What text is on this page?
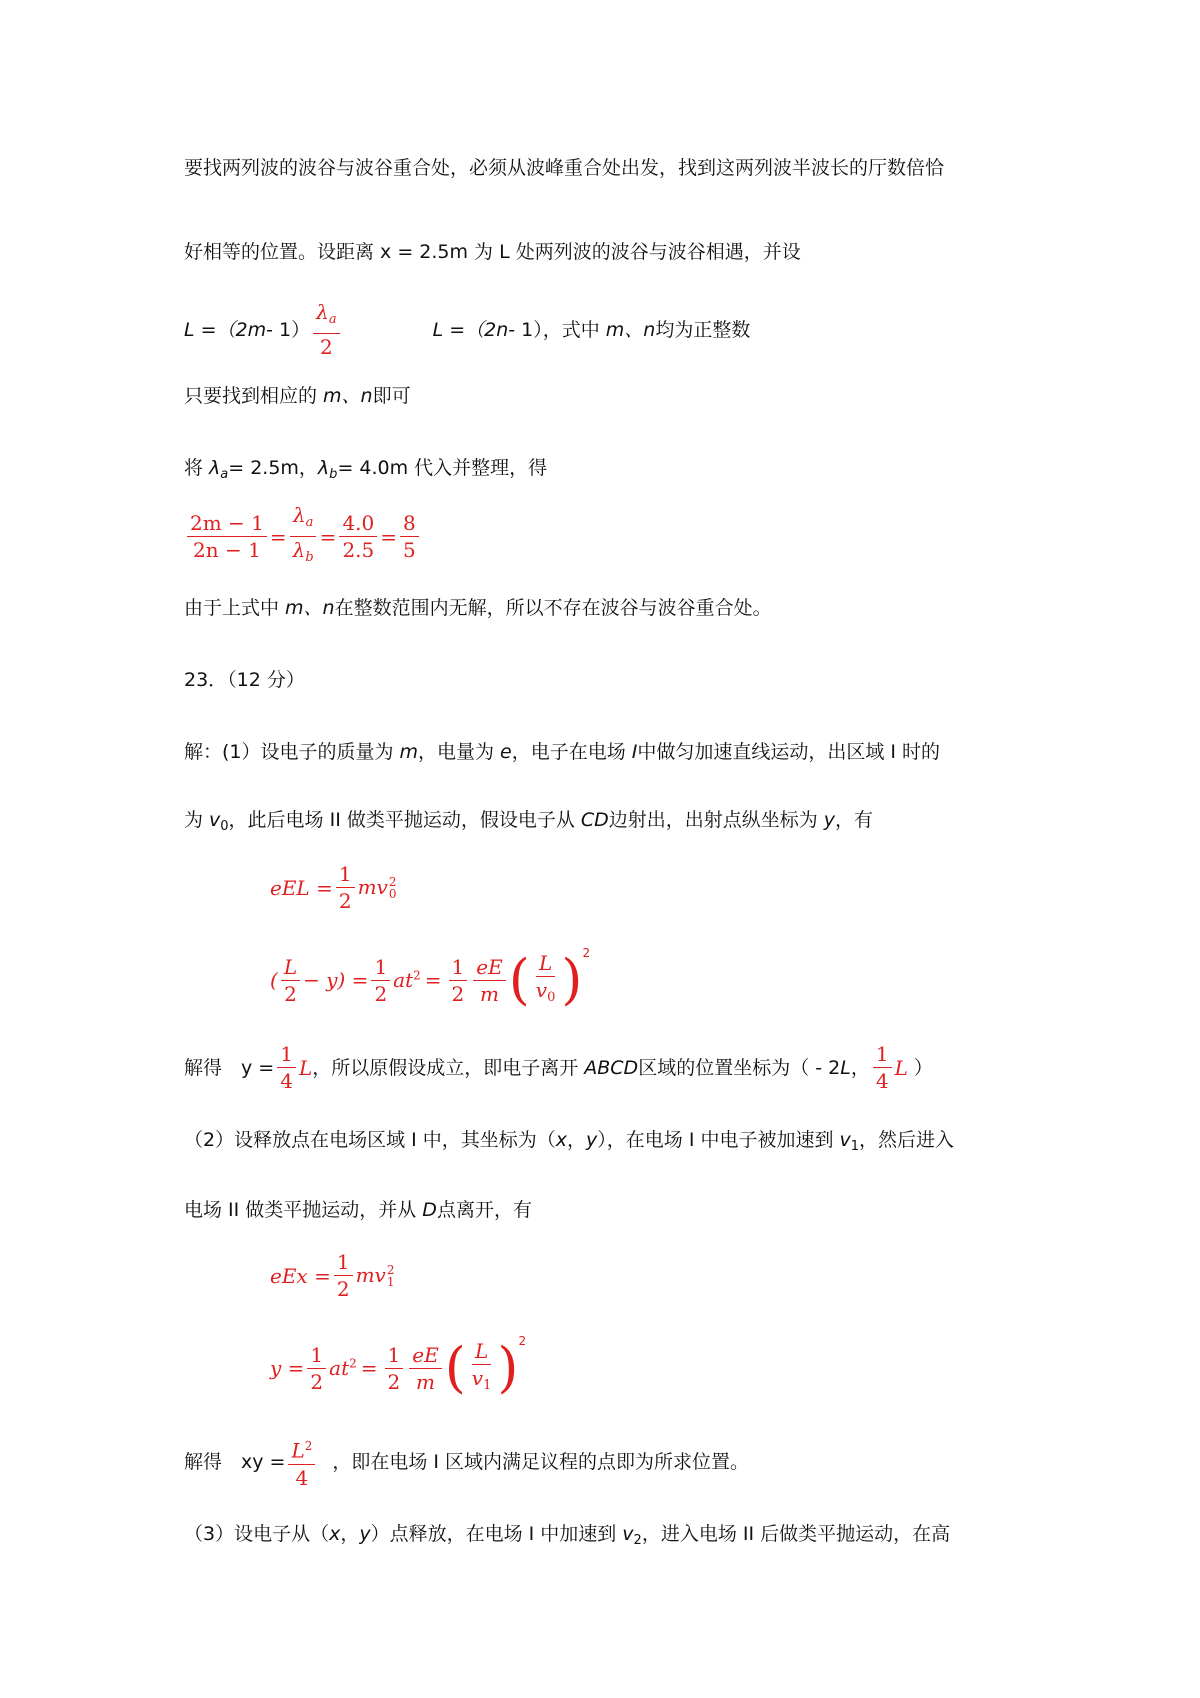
要找两列波的波谷与波谷重合处，必须从波峰重合处出发，找到这两列波半波长的厅数倍恰
好相等的位置。设距离 x = 2.5m 为 L 处两列波的波谷与波谷相遇，并设
L =（2 m - $1) \frac{\lambda_a}{2}$	L =（2 n - 1），式中 m、n 均为正整数
只要找到相应的 m、n即可
将 $\lambda_a= 2.5m$，$\lambda_b= 4.0m$ 代入并整理，得
$\frac{2m - 1}{2n - 1} = \frac{\lambda_a}{\lambda_b} = \frac{4.0}{2.5} = \frac{8}{5}$
由于上式中 m、n在整数范围内无解，所以不存在波谷与波谷重合处。
23．（12 分）
解：(1）设电子的质量为 m，电量为 e，电子在电场 I中做匀加速直线运动，出区域 I 时的
为 $v_0$，此后电场 II 做类平抛运动，假设电子从 CD边射出，出射点纵坐标为 y，有
eEL = $\frac{1}{2}$ mv 2
0
( $\frac{L}{2} - y) = \frac{1}{2} at^2 = \frac{1}{2} \frac{eE}{m}$ ( $\frac{L}{v_0} )^2$
解得　$y = \frac{1}{4}$ L ，所以原假设成立，即电子离开 ABCD 区域的位置坐标为（ - 2 L ， $\frac{1}{4}$ L ）
（2）设释放点在电场区域 I 中，其坐标为（x，y），在电场 I 中电子被加速到 $v_1$，然后进入
电场 II 做类平抛运动，并从 D点离开，有
eEx = $\frac{1}{2}$ mv 2
1
$y = \frac{1}{2} at^2 = \frac{1}{2} \frac{eE}{m}$ ( $\frac{L}{v_1} )^2$
解得　xy = $\frac{L^2}{4}$ ，即在电场 I 区域内满足议程的点即为所求位置。
（3）设电子从（x，y）点释放，在电场 I 中加速到 $v_2$，进入电场 II 后做类平抛运动，在高
